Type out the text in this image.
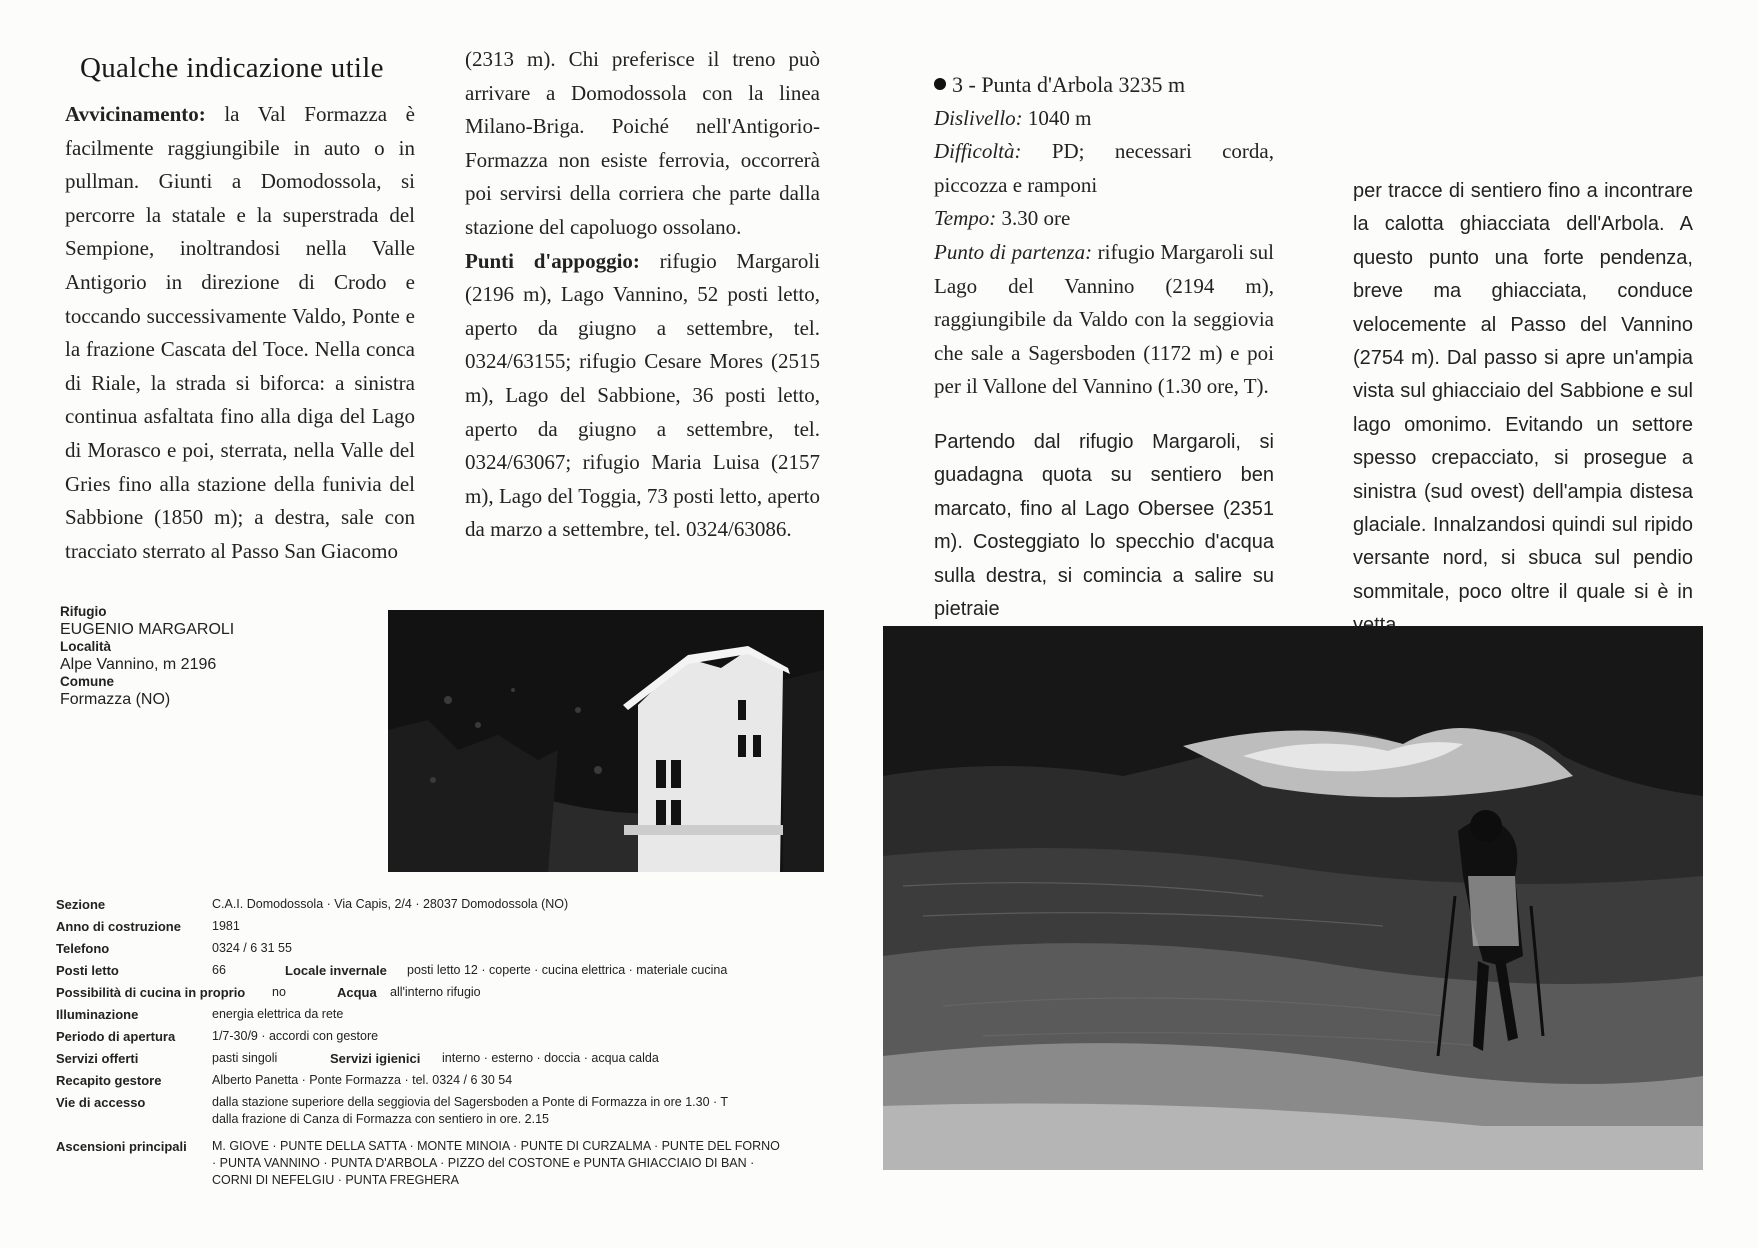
Qualche indicazione utile

Avvicinamento: la Val Formazza è facilmente raggiungibile in auto o in pullman. Giunti a Domodossola, si percorre la statale e la superstrada del Sempione, inoltrandosi nella Valle Antigorio in direzione di Crodo e toccando successivamente Valdo, Ponte e la frazione Cascata del Toce. Nella conca di Riale, la strada si biforca: a sinistra continua asfaltata fino alla diga del Lago di Morasco e poi, sterrata, nella Valle del Gries fino alla stazione della funivia del Sabbione (1850 m); a destra, sale con tracciato sterrato al Passo San Giacomo

(2313 m). Chi preferisce il treno può arrivare a Domodossola con la linea Milano-Briga. Poiché nell'Antigorio-Formazza non esiste ferrovia, occorrerà poi servirsi della corriera che parte dalla stazione del capoluogo ossolano.

Punti d'appoggio: rifugio Margaroli (2196 m), Lago Vannino, 52 posti letto, aperto da giugno a settembre, tel. 0324/63155; rifugio Cesare Mores (2515 m), Lago del Sabbione, 36 posti letto, aperto da giugno a settembre, tel. 0324/63067; rifugio Maria Luisa (2157 m), Lago del Toggia, 73 posti letto, aperto da marzo a settembre, tel. 0324/63086.

3 - Punta d'Arbola 3235 m

Dislivello: 1040 m

Difficoltà: PD; necessari corda, piccozza e ramponi

Tempo: 3.30 ore

Punto di partenza: rifugio Margaroli sul Lago del Vannino (2194 m), raggiungibile da Valdo con la seggiovia che sale a Sagersboden (1172 m) e poi per il Vallone del Vannino (1.30 ore, T).

Partendo dal rifugio Margaroli, si guadagna quota su sentiero ben marcato, fino al Lago Obersee (2351 m). Costeggiato lo specchio d'acqua sulla destra, si comincia a salire su pietraie

per tracce di sentiero fino a incontrare la calotta ghiacciata dell'Arbola. A questo punto una forte pendenza, breve ma ghiacciata, conduce velocemente al Passo del Vannino (2754 m). Dal passo si apre un'ampia vista sul ghiacciaio del Sabbione e sul lago omonimo. Evitando un settore spesso crepacciato, si prosegue a sinistra (sud ovest) dell'ampia distesa glaciale. Innalzandosi quindi sul ripido versante nord, si sbuca sul pendio sommitale, poco oltre il quale si è in

Rifugio
EUGENIO MARGAROLI
Località
Alpe Vannino, m 2196
Comune
Formazza (NO)
Sezione	C.A.I. Domodossola · Via Capis, 2/4 · 28037 Domodossola (NO)
Anno di costruzione 1981
Telefono	0324 / 6 31 55
Posti letto	66	Locale invernale posti letto 12 · coperte · cucina elettrica · materiale cucina
Possibilità di cucina in proprio no	Acqua all'interno rifugio
Illuminazione	energia elettrica da rete
Periodo di apertura	1/7-30/9 · accordi con gestore
Servizi offerti	pasti singoli	Servizi igienici interno · esterno · doccia · acqua calda
Recapito gestore	Alberto Panetta · Ponte Formazza · tel. 0324 / 6 30 54
Vie di accesso	dalla stazione superiore della seggiovia del Sagersboden a Ponte di Formazza in ore 1.30 · T
dalla frazione di Canza di Formazza con sentiero in ore. 2.15
Ascensioni principali M. GIOVE · PUNTE DELLA SATTA · MONTE MINOIA · PUNTE DI CURZALMA · PUNTE DEL FORNO
· PUNTA VANNINO · PUNTA D'ARBOLA · PIZZO del COSTONE e PUNTA GHIACCIAIO DI BAN ·
CORNI DI NEFELGIU · PUNTA FREGHERA
